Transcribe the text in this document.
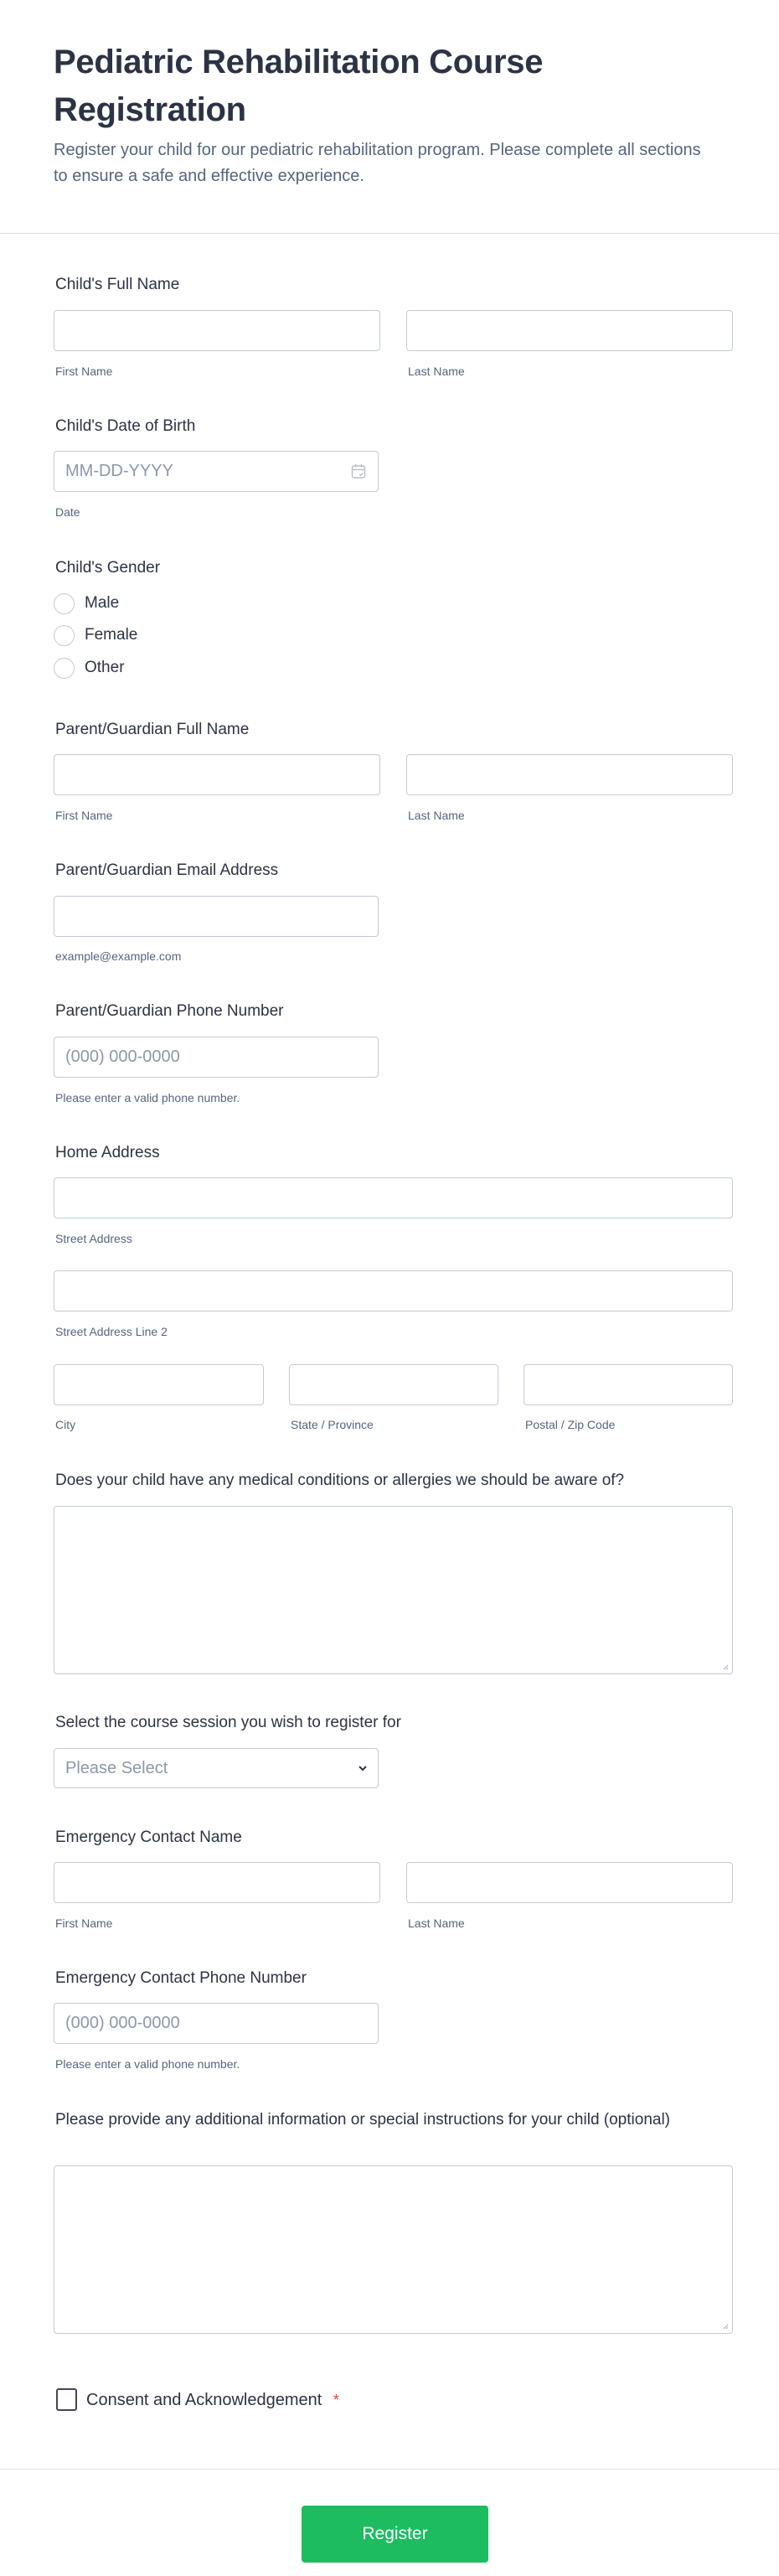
Pediatric Rehabilitation Course Registration

Register your child for our pediatric rehabilitation program. Please complete all sections to ensure a safe and effective experience.

Child's Full Name
First Name	Last Name
Child's Date of Birth
MM-DD-YYYY
Date
Child's Gender
Male
Female
Other
Parent/Guardian Full Name
First Name	Last Name
Parent/Guardian Email Address
example@example.com
Parent/Guardian Phone Number
(000) 000-0000
Please enter a valid phone number.
Home Address
Street Address
Street Address Line 2
City	State / Province	Postal / Zip Code
Does your child have any medical conditions or allergies we should be aware of?
Select the course session you wish to register for
Please Select
Emergency Contact Name
First Name	Last Name
Emergency Contact Phone Number
(000) 000-0000
Please enter a valid phone number.
Please provide any additional information or special instructions for your child (optional)
Consent and Acknowledgement *
Register
